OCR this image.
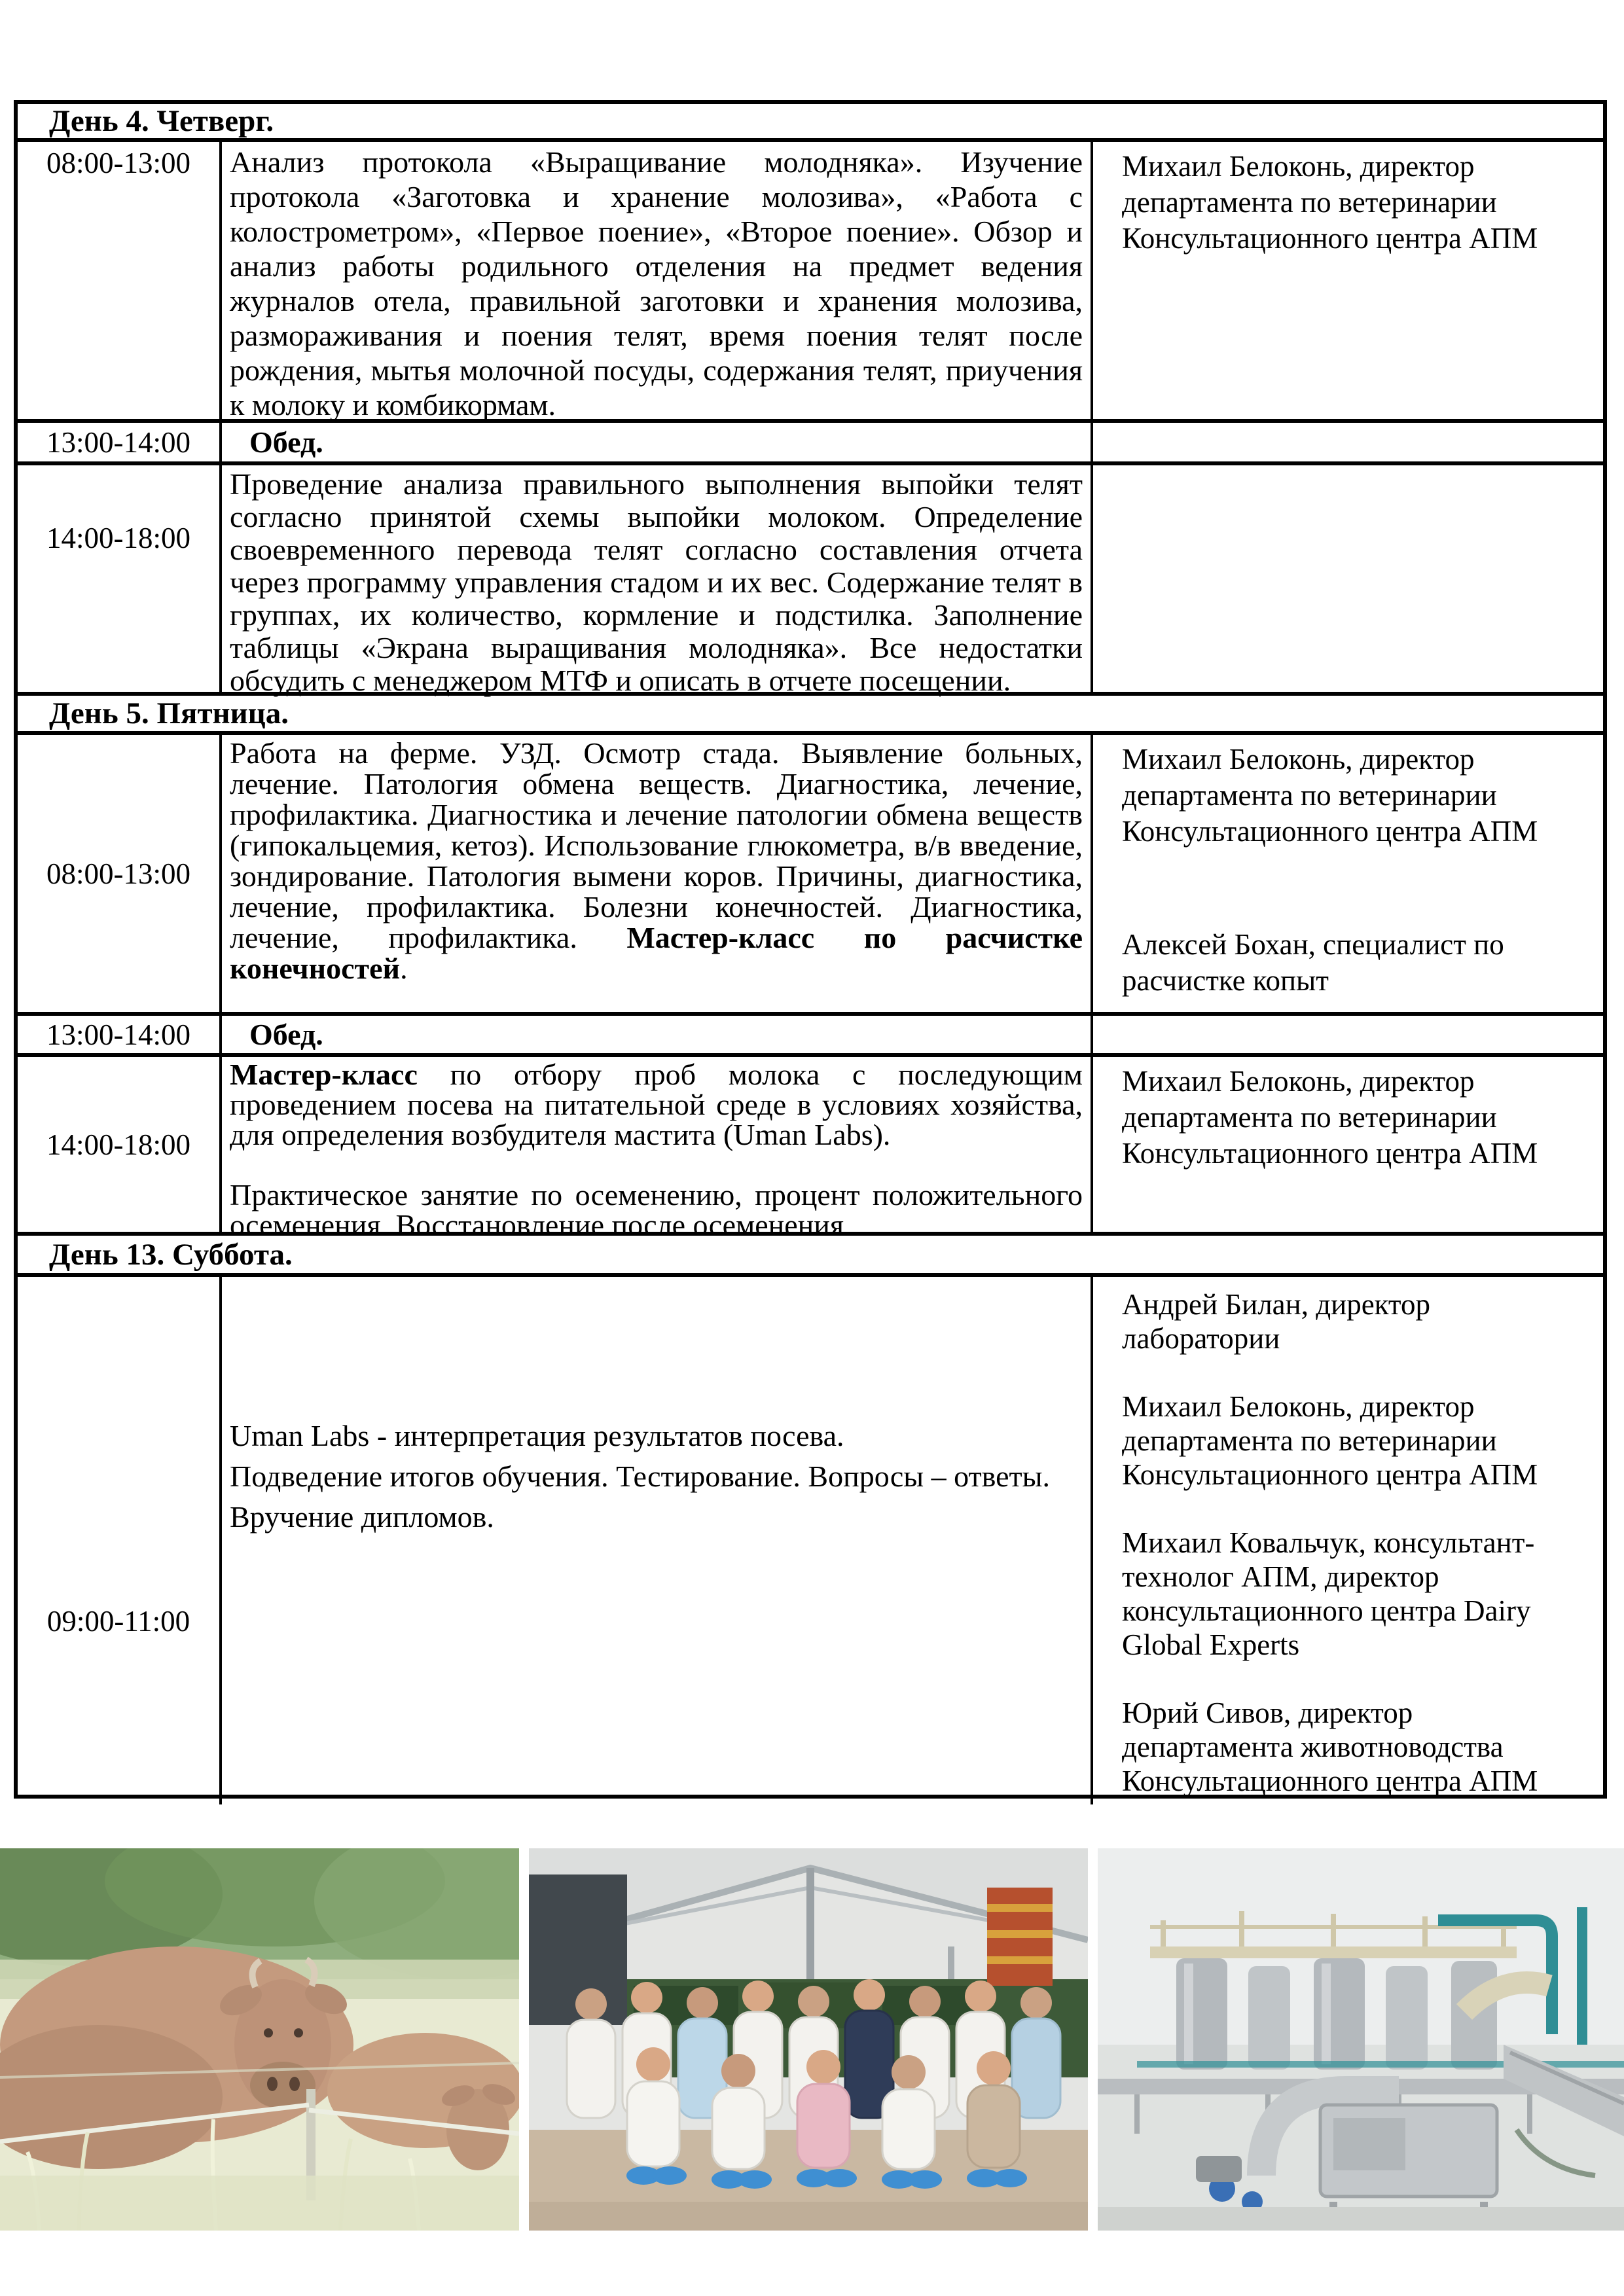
День 4. Четверг.
08:00-13:00 Анализ протокола «Выращивание молодняка». Изучение протокола «Заготовка и хранение молозива», «Работа с колострометром», «Первое поение», «Второе поение». Обзор и анализ работы родильного отделения на предмет ведения журналов отела, правильной заготовки и хранения молозива, размораживания и поения телят, время поения телят после рождения, мытья молочной посуды, содержания телят, приучения к молоку и комбикормам.

Михаил Белоконь, директор департамента по ветеринарии Консультационного центра АПМ

13:00-14:00 Обед.
14:00-18:00
Проведение анализа правильного выполнения выпойки телят согласно принятой схемы выпойки молоком. Определение своевременного перевода телят согласно составления отчета через программу управления стадом и их вес. Содержание телят в группах, их количество, кормление и подстилка. Заполнение таблицы «Экрана выращивания молодняка». Все недостатки обсудить с менеджером МТФ и описать в отчете посещении.
День 5. Пятница.
08:00-13:00
Работа на ферме. УЗД. Осмотр стада. Выявление больных, лечение. Патология обмена веществ. Диагностика, лечение, профилактика. Диагностика и лечение патологии обмена веществ (гипокальцемия, кетоз). Использование глюкометра, в/в введение, зондирование. Патология вымени коров. Причины, диагностика, лечение, профилактика. Болезни конечностей. Диагностика, лечение, профилактика. Мастер-класс по расчистке конечностей.

Михаил Белоконь, директор департамента по ветеринарии Консультационного центра АПМ

Алексей Бохан, специалист по расчистке копыт

13:00-14:00 Обед.
14:00-18:00

Мастер-класс по отбору проб молока с последующим проведением посева на питательной среде в условиях хозяйства, для определения возбудителя мастита (Uman Labs).

Практическое занятие по осеменению, процент положительного осеменения. Восстановление после осеменения.

Михаил Белоконь, директор департамента по ветеринарии Консультационного центра АПМ

День 13. Суббота.
09:00-11:00

Uman Labs - интерпретация результатов посева.

Подведение итогов обучения. Тестирование. Вопросы – ответы.

Вручение дипломов.

Андрей Билан, директор лаборатории

Михаил Белоконь, директор департамента по ветеринарии Консультационного центра АПМ

Михаил Ковальчук, консультант-технолог АПМ, директор консультационного центра Dairy Global Experts

Юрий Сивов, директор департамента животноводства Консультационного центра АПМ
